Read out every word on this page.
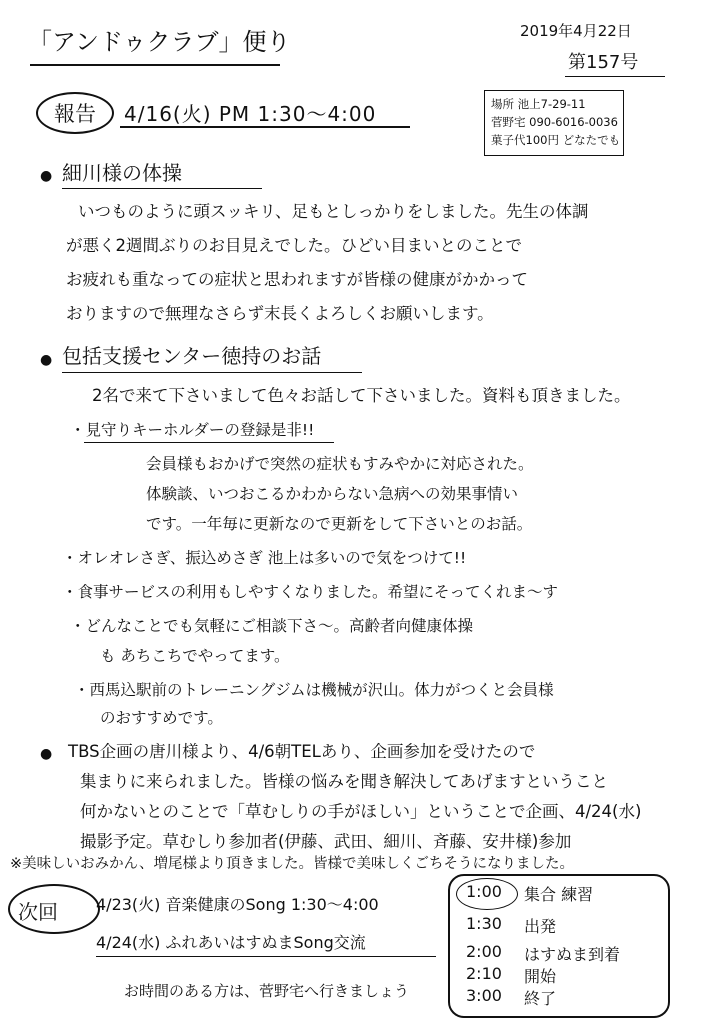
「アンドゥクラブ」便り	2019年4月22日
第157号
報告	4/16(火) PM 1:30～4:00	場所 池上7-29-11
菅野宅 090-6016-0036
菓子代100円 どなたでも
● 細川様の体操
いつものように頭スッキリ、足もとしっかりをしました。先生の体調
が悪く2週間ぶりのお目見えでした。ひどい目まいとのことで
お疲れも重なっての症状と思われますが皆様の健康がかかって
おりますので無理なさらず末長くよろしくお願いします。
● 包括支援センター徳持のお話
2名で来て下さいまして色々お話して下さいました。資料も頂きました。
・見守りキーホルダーの登録是非!!
会員様もおかげで突然の症状もすみやかに対応された。
体験談、いつおこるかわからない急病への効果事情い
です。一年毎に更新なので更新をして下さいとのお話。
・オレオレさぎ、振込めさぎ 池上は多いので気をつけて!!
・食事サービスの利用もしやすくなりました。希望にそってくれま～す
・どんなことでも気軽にご相談下さ～。高齢者向健康体操
も あちこちでやってます。
・西馬込駅前のトレーニングジムは機械が沢山。体力がつくと会員様
のおすすめです。
● TBS企画の唐川様より、4/6朝TELあり、企画参加を受けたので
集まりに来られました。皆様の悩みを聞き解決してあげますということ
何かないとのことで「草むしりの手がほしい」ということで企画、4/24(水)
撮影予定。草むしり参加者(伊藤、武田、細川、斉藤、安井様)参加
※美味しいおみかん、増尾様より頂きました。皆様で美味しくごちそうになりました。
次回 4/23(火) 音楽健康のSong 1:30～4:00
4/24(水) ふれあいはすぬまSong交流
お時間のある方は、菅野宅へ行きましょう
1:00 集合 練習
1:30 出発
2:00 はすぬま到着
2:10 開始
3:00 終了
